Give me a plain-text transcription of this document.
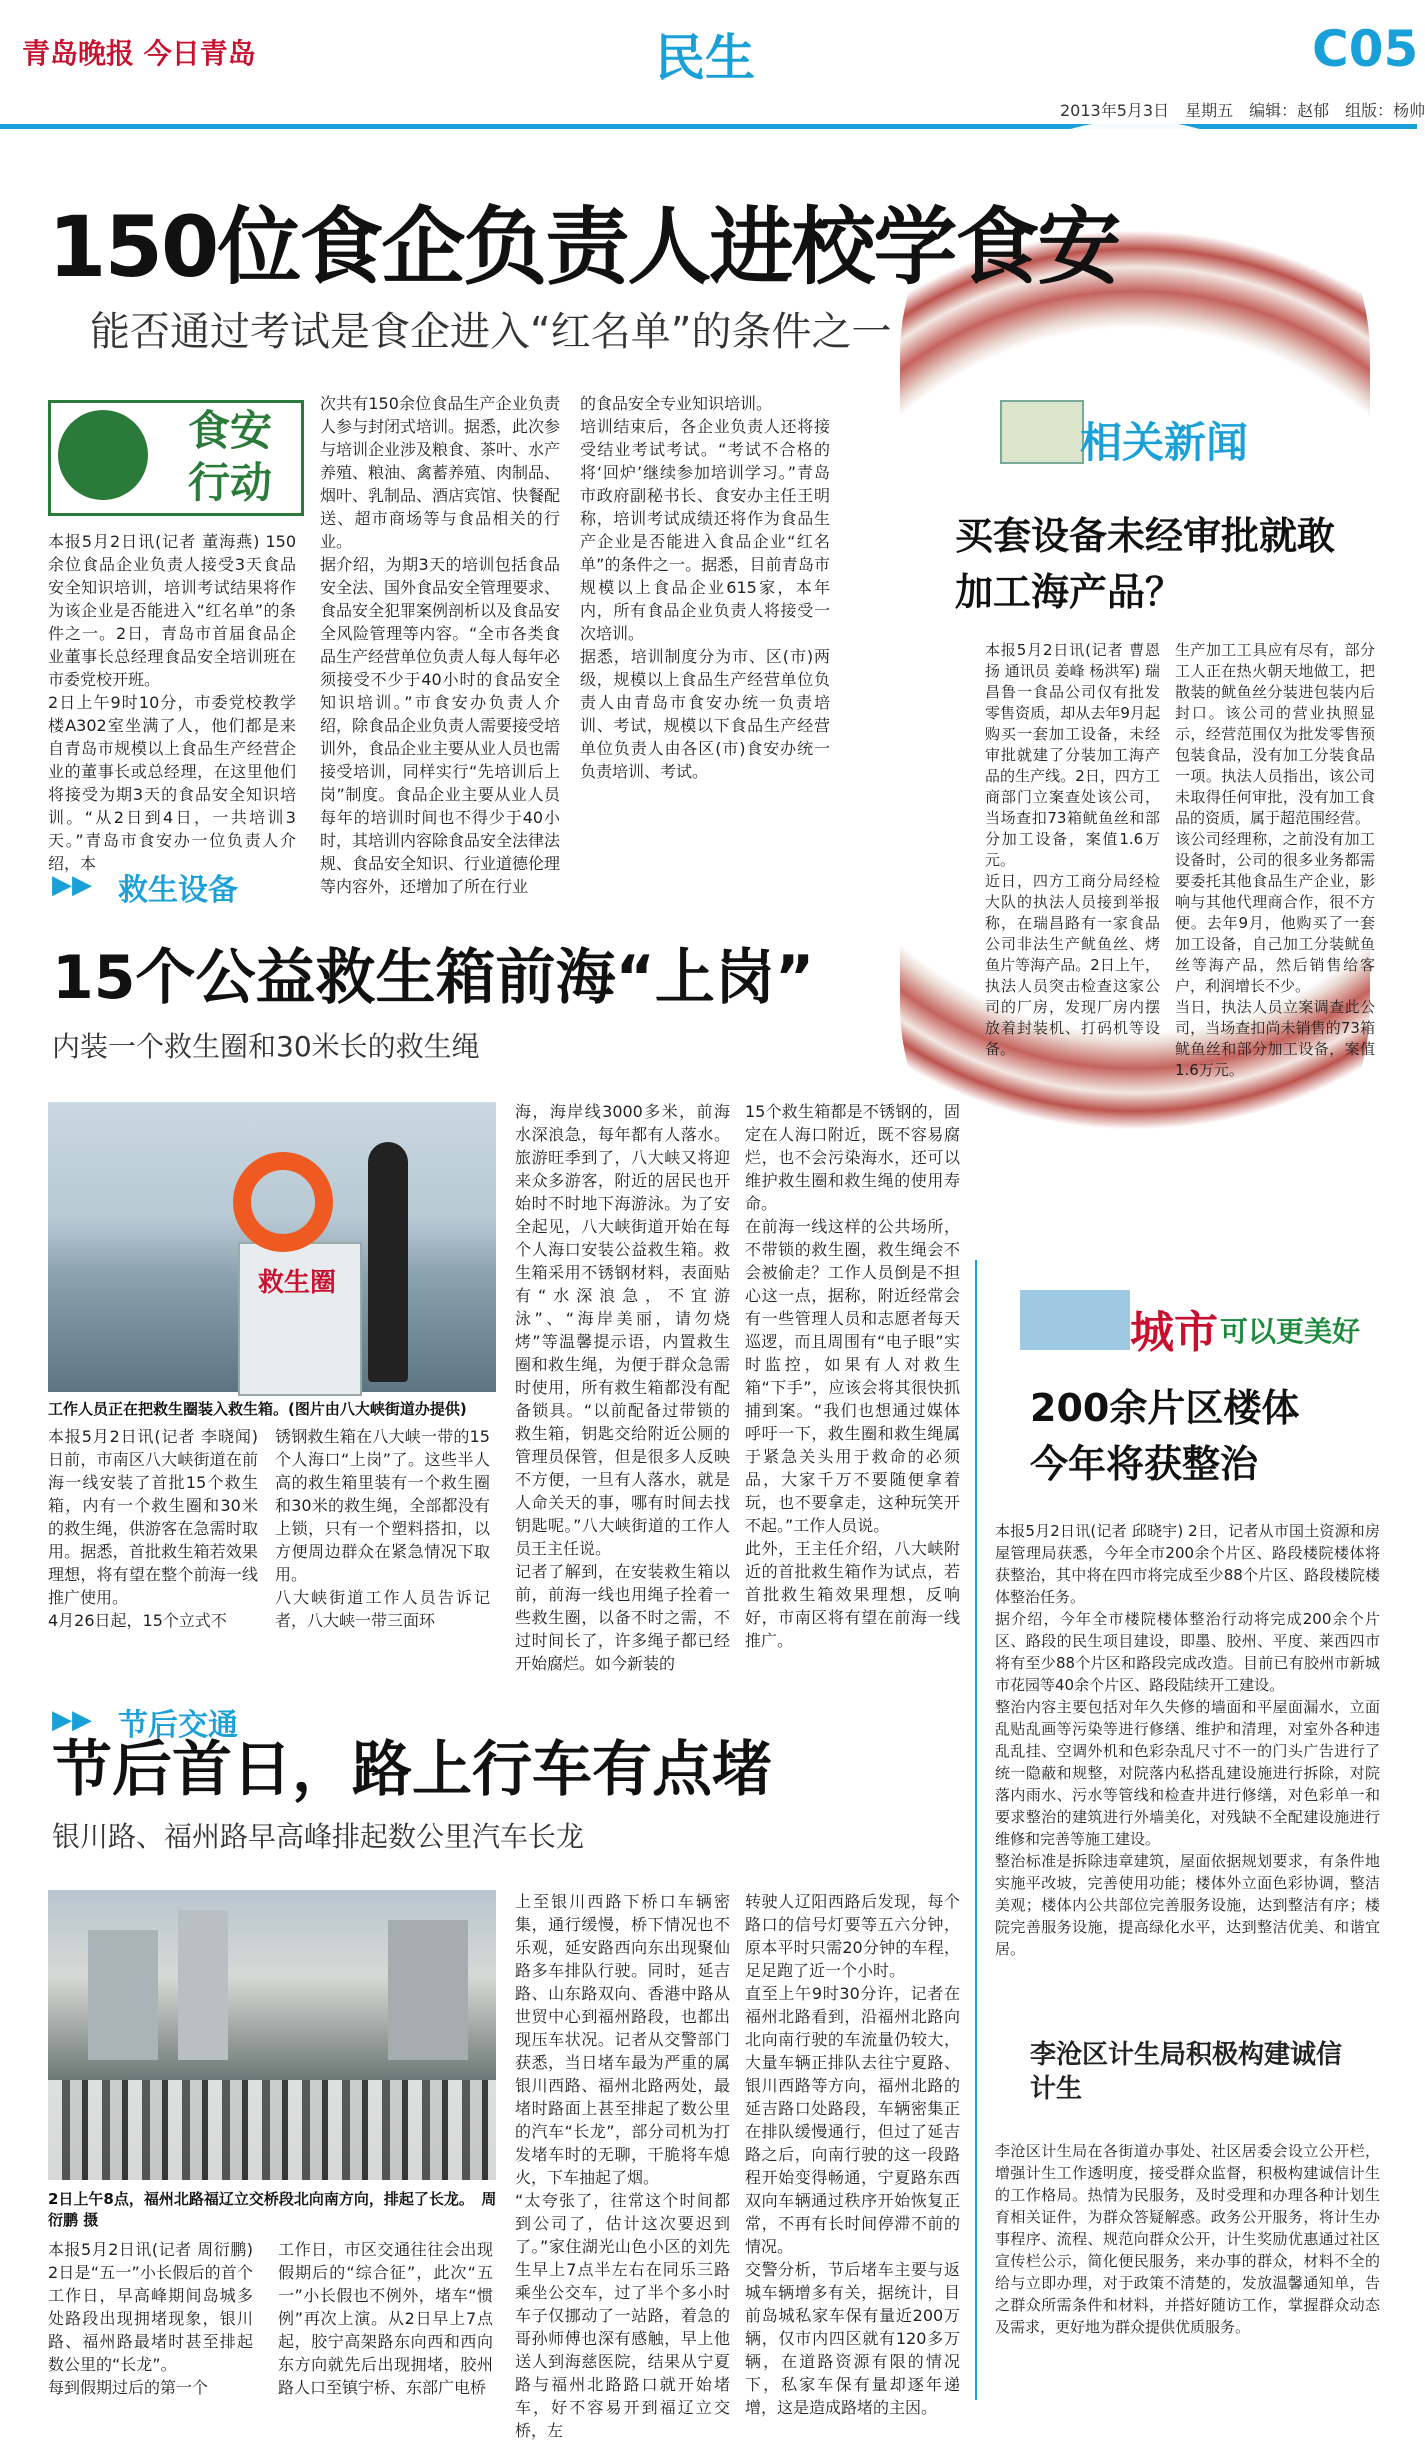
青岛晚报 今日青岛	民生	C05
2013年5月3日　星期五　编辑：赵郁　组版：杨帅
150位食企负责人进校学食安
能否通过考试是食企进入“红名单”的条件之一
食安行动
本报5月2日讯(记者 董海燕) 150余位食品企业负责人接受3天食品安全知识培训，培训考试结果将作为该企业是否能进入“红名单”的条件之一。2日，青岛市首届食品企业董事长总经理食品安全培训班在市委党校开班。
2日上午9时10分，市委党校教学楼A302室坐满了人，他们都是来自青岛市规模以上食品生产经营企业的董事长或总经理，在这里他们将接受为期3天的食品安全知识培训。“从2日到4日，一共培训3天。”青岛市食安办一位负责人介绍，本
次共有150余位食品生产企业负责人参与封闭式培训。据悉，此次参与培训企业涉及粮食、茶叶、水产养殖、粮油、禽蓄养殖、肉制品、烟叶、乳制品、酒店宾馆、快餐配送、超市商场等与食品相关的行业。
据介绍，为期3天的培训包括食品安全法、国外食品安全管理要求、食品安全犯罪案例剖析以及食品安全风险管理等内容。“全市各类食品生产经营单位负责人每人每年必须接受不少于40小时的食品安全知识培训。”市食安办负责人介绍，除食品企业负责人需要接受培训外，食品企业主要从业人员也需接受培训，同样实行“先培训后上岗”制度。食品企业主要从业人员每年的培训时间也不得少于40小时，其培训内容除食品安全法律法规、食品安全知识、行业道德伦理等内容外，还增加了所在行业
的食品安全专业知识培训。
培训结束后，各企业负责人还将接受结业考试考试。“考试不合格的将‘回炉’继续参加培训学习。”青岛市政府副秘书长、食安办主任王明称，培训考试成绩还将作为食品生产企业是否能进入食品企业“红名单”的条件之一。据悉，目前青岛市规模以上食品企业615家，本年内，所有食品企业负责人将接受一次培训。
据悉，培训制度分为市、区(市)两级，规模以上食品生产经营单位负责人由青岛市食安办统一负责培训、考试，规模以下食品生产经营单位负责人由各区(市)食安办统一负责培训、考试。
相关新闻
买套设备未经审批就敢加工海产品？
本报5月2日讯(记者 曹恩扬 通讯员 姜峰 杨洪军) 瑞昌鲁一食品公司仅有批发零售资质，却从去年9月起购买一套加工设备，未经审批就建了分装加工海产品的生产线。2日，四方工商部门立案查处该公司，当场查扣73箱鱿鱼丝和部分加工设备，案值1.6万元。
近日，四方工商分局经检大队的执法人员接到举报称，在瑞昌路有一家食品公司非法生产鱿鱼丝、烤鱼片等海产品。2日上午，执法人员突击检查这家公司的厂房，发现厂房内摆放着封装机、打码机等设备。
生产加工工具应有尽有，部分工人正在热火朝天地做工，把散装的鱿鱼丝分装进包装内后封口。该公司的营业执照显示，经营范围仅为批发零售预包装食品，没有加工分装食品一项。执法人员指出，该公司未取得任何审批，没有加工食品的资质，属于超范围经营。
该公司经理称，之前没有加工设备时，公司的很多业务都需要委托其他食品生产企业，影响与其他代理商合作，很不方便。去年9月，他购买了一套加工设备，自己加工分装鱿鱼丝等海产品，然后销售给客户，利润增长不少。
当日，执法人员立案调查此公司，当场查扣尚未销售的73箱鱿鱼丝和部分加工设备，案值1.6万元。
▶▶ 救生设备
15个公益救生箱前海“上岗”
内装一个救生圈和30米长的救生绳
救生圈
工作人员正在把救生圈装入救生箱。(图片由八大峡街道办提供)
本报5月2日讯(记者 李晓闻) 日前，市南区八大峡街道在前海一线安装了首批15个救生箱，内有一个救生圈和30米的救生绳，供游客在急需时取用。据悉，首批救生箱若效果理想，将有望在整个前海一线推广使用。
4月26日起，15个立式不
锈钢救生箱在八大峡一带的15个人海口“上岗”了。这些半人高的救生箱里装有一个救生圈和30米的救生绳，全部都没有上锁，只有一个塑料搭扣，以方便周边群众在紧急情况下取用。
八大峡街道工作人员告诉记者，八大峡一带三面环
海，海岸线3000多米，前海水深浪急，每年都有人落水。旅游旺季到了，八大峡又将迎来众多游客，附近的居民也开始时不时地下海游泳。为了安全起见，八大峡街道开始在每个人海口安装公益救生箱。救生箱采用不锈钢材料，表面贴有“水深浪急，不宜游泳”、“海岸美丽，请勿烧烤”等温馨提示语，内置救生圈和救生绳，为便于群众急需时使用，所有救生箱都没有配备锁具。“以前配备过带锁的救生箱，钥匙交给附近公厕的管理员保管，但是很多人反映不方便，一旦有人落水，就是人命关天的事，哪有时间去找钥匙呢。”八大峡街道的工作人员王主任说。
记者了解到，在安装救生箱以前，前海一线也用绳子拴着一些救生圈，以备不时之需，不过时间长了，许多绳子都已经开始腐烂。如今新装的
15个救生箱都是不锈钢的，固定在人海口附近，既不容易腐烂，也不会污染海水，还可以维护救生圈和救生绳的使用寿命。
在前海一线这样的公共场所，不带锁的救生圈，救生绳会不会被偷走？工作人员倒是不担心这一点，据称，附近经常会有一些管理人员和志愿者每天巡逻，而且周围有“电子眼”实时监控，如果有人对救生箱“下手”，应该会将其很快抓捕到案。“我们也想通过媒体呼吁一下，救生圈和救生绳属于紧急关头用于救命的必须品，大家千万不要随便拿着玩，也不要拿走，这种玩笑开不起。”工作人员说。
此外，王主任介绍，八大峡附近的首批救生箱作为试点，若首批救生箱效果理想，反响好，市南区将有望在前海一线推广。
▶▶ 节后交通
节后首日，路上行车有点堵
银川路、福州路早高峰排起数公里汽车长龙
2日上午8点，福州北路福辽立交桥段北向南方向，排起了长龙。　周衍鹏 摄
本报5月2日讯(记者 周衍鹏) 2日是“五一”小长假后的首个工作日，早高峰期间岛城多处路段出现拥堵现象，银川路、福州路最堵时甚至排起数公里的“长龙”。
每到假期过后的第一个
工作日，市区交通往往会出现假期后的“综合征”，此次“五一”小长假也不例外，堵车“惯例”再次上演。从2日早上7点起，胶宁高架路东向西和西向东方向就先后出现拥堵，胶州路人口至镇宁桥、东部广电桥
上至银川西路下桥口车辆密集，通行缓慢，桥下情况也不乐观，延安路西向东出现聚仙路多车排队行驶。同时，延吉路、山东路双向、香港中路从世贸中心到福州路段，也都出现压车状况。记者从交警部门获悉，当日堵车最为严重的属银川西路、福州北路两处，最堵时路面上甚至排起了数公里的汽车“长龙”，部分司机为打发堵车时的无聊，干脆将车熄火，下车抽起了烟。
“太夸张了，往常这个时间都到公司了，估计这次要迟到了。”家住湖光山色小区的刘先生早上7点半左右在同乐三路乘坐公交车，过了半个多小时车子仅挪动了一站路，着急的哥孙师傅也深有感触，早上他送人到海慈医院，结果从宁夏路与福州北路路口就开始堵车，好不容易开到福辽立交桥，左
转驶人辽阳西路后发现，每个路口的信号灯要等五六分钟，原本平时只需20分钟的车程，足足跑了近一个小时。
直至上午9时30分许，记者在福州北路看到，沿福州北路向北向南行驶的车流量仍较大，大量车辆正排队去往宁夏路、银川西路等方向，福州北路的延吉路口处路段，车辆密集正在排队缓慢通行，但过了延吉路之后，向南行驶的这一段路程开始变得畅通，宁夏路东西双向车辆通过秩序开始恢复正常，不再有长时间停滞不前的情况。
交警分析，节后堵车主要与返城车辆增多有关，据统计，目前岛城私家车保有量近200万辆，仅市内四区就有120多万辆，在道路资源有限的情况下，私家车保有量却逐年递增，这是造成路堵的主因。
城市 可以更美好
200余片区楼体今年将获整治
本报5月2日讯(记者 邱晓宇) 2日，记者从市国土资源和房屋管理局获悉，今年全市200余个片区、路段楼院楼体将获整治，其中将在四市将完成至少88个片区、路段楼院楼体整治任务。
据介绍，今年全市楼院楼体整治行动将完成200余个片区、路段的民生项目建设，即墨、胶州、平度、莱西四市将有至少88个片区和路段完成改造。目前已有胶州市新城市花园等40余个片区、路段陆续开工建设。
整治内容主要包括对年久失修的墙面和平屋面漏水，立面乱贴乱画等污染等进行修缮、维护和清理，对室外各种违乱乱挂、空调外机和色彩杂乱尺寸不一的门头广告进行了统一隐蔽和规整，对院落内私搭乱建设施进行拆除，对院落内雨水、污水等管线和检查井进行修缮，对色彩单一和要求整治的建筑进行外墙美化，对残缺不全配建设施进行维修和完善等施工建设。
整治标准是拆除违章建筑，屋面依据规划要求，有条件地实施平改坡，完善使用功能；楼体外立面色彩协调，整洁美观；楼体内公共部位完善服务设施，达到整洁有序；楼院完善服务设施，提高绿化水平，达到整洁优美、和谐宜居。
李沧区计生局积极构建诚信计生
李沧区计生局在各街道办事处、社区居委会设立公开栏，增强计生工作透明度，接受群众监督，积极构建诚信计生的工作格局。热情为民服务，及时受理和办理各种计划生育相关证件，为群众答疑解惑。政务公开服务，将计生办事程序、流程、规范向群众公开，计生奖励优惠通过社区宣传栏公示，简化便民服务，来办事的群众，材料不全的给与立即办理，对于政策不清楚的，发放温馨通知单，告之群众所需条件和材料，并搭好随访工作，掌握群众动态及需求，更好地为群众提供优质服务。
